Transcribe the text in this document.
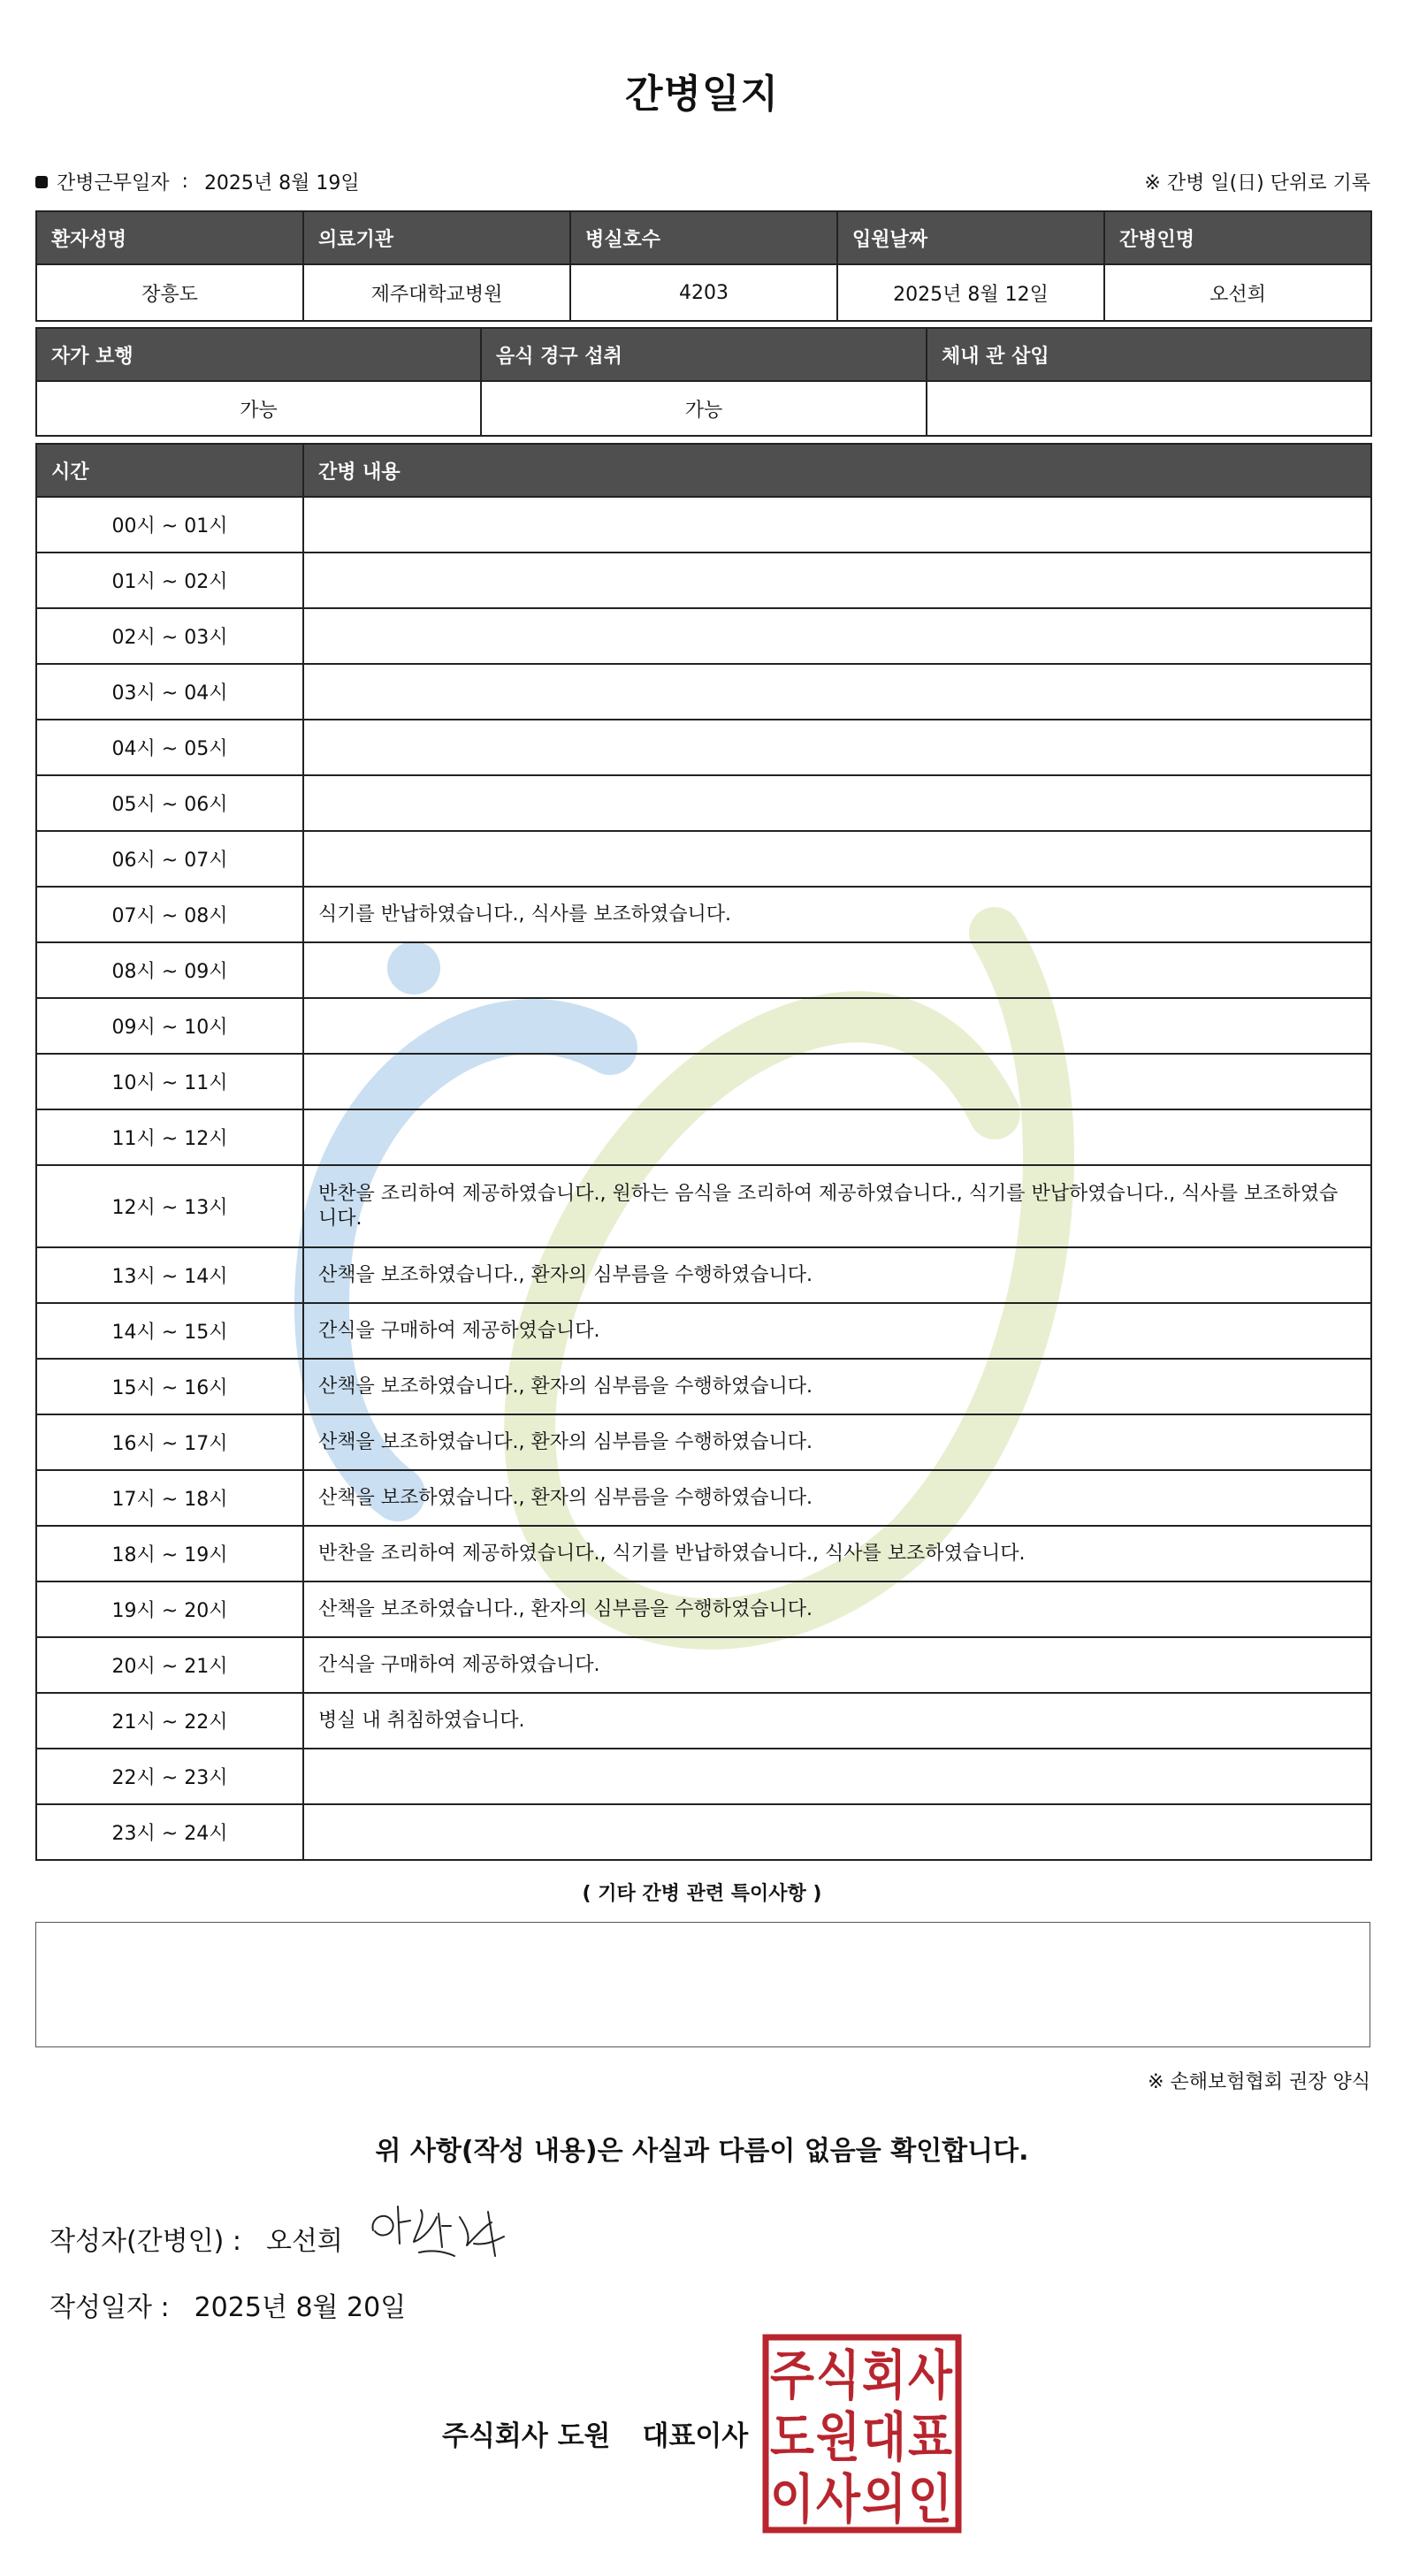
간병일지
간병근무일자 : 2025년 8월 19일	※ 간병 일(日) 단위로 기록
환자성명	의료기관	병실호수	입원날짜	간병인명
장흥도	제주대학교병원	4203	2025년 8월 12일	오선희
자가 보행	음식 경구 섭취	체내 관 삽입
가능	가능	
시간	간병 내용
00시 ~ 01시	
01시 ~ 02시	
02시 ~ 03시	
03시 ~ 04시	
04시 ~ 05시	
05시 ~ 06시	
06시 ~ 07시	
07시 ~ 08시	식기를 반납하였습니다., 식사를 보조하였습니다.
08시 ~ 09시	
09시 ~ 10시	
10시 ~ 11시	
11시 ~ 12시	
12시 ~ 13시	반찬을 조리하여 제공하였습니다., 원하는 음식을 조리하여 제공하였습니다., 식기를 반납하였습니다., 식사를 보조하였습니다.
13시 ~ 14시	산책을 보조하였습니다., 환자의 심부름을 수행하였습니다.
14시 ~ 15시	간식을 구매하여 제공하였습니다.
15시 ~ 16시	산책을 보조하였습니다., 환자의 심부름을 수행하였습니다.
16시 ~ 17시	산책을 보조하였습니다., 환자의 심부름을 수행하였습니다.
17시 ~ 18시	산책을 보조하였습니다., 환자의 심부름을 수행하였습니다.
18시 ~ 19시	반찬을 조리하여 제공하였습니다., 식기를 반납하였습니다., 식사를 보조하였습니다.
19시 ~ 20시	산책을 보조하였습니다., 환자의 심부름을 수행하였습니다.
20시 ~ 21시	간식을 구매하여 제공하였습니다.
21시 ~ 22시	병실 내 취침하였습니다.
22시 ~ 23시	
23시 ~ 24시	
( 기타 간병 관련 특이사항 )
※ 손해보험협회 권장 양식
위 사항(작성 내용)은 사실과 다름이 없음을 확인합니다.
작성자(간병인) : 오선희
작성일자 : 2025년 8월 20일
주식회사 도원 대표이사
주 식 회 사
도 원 대 표
이 사 의 인
